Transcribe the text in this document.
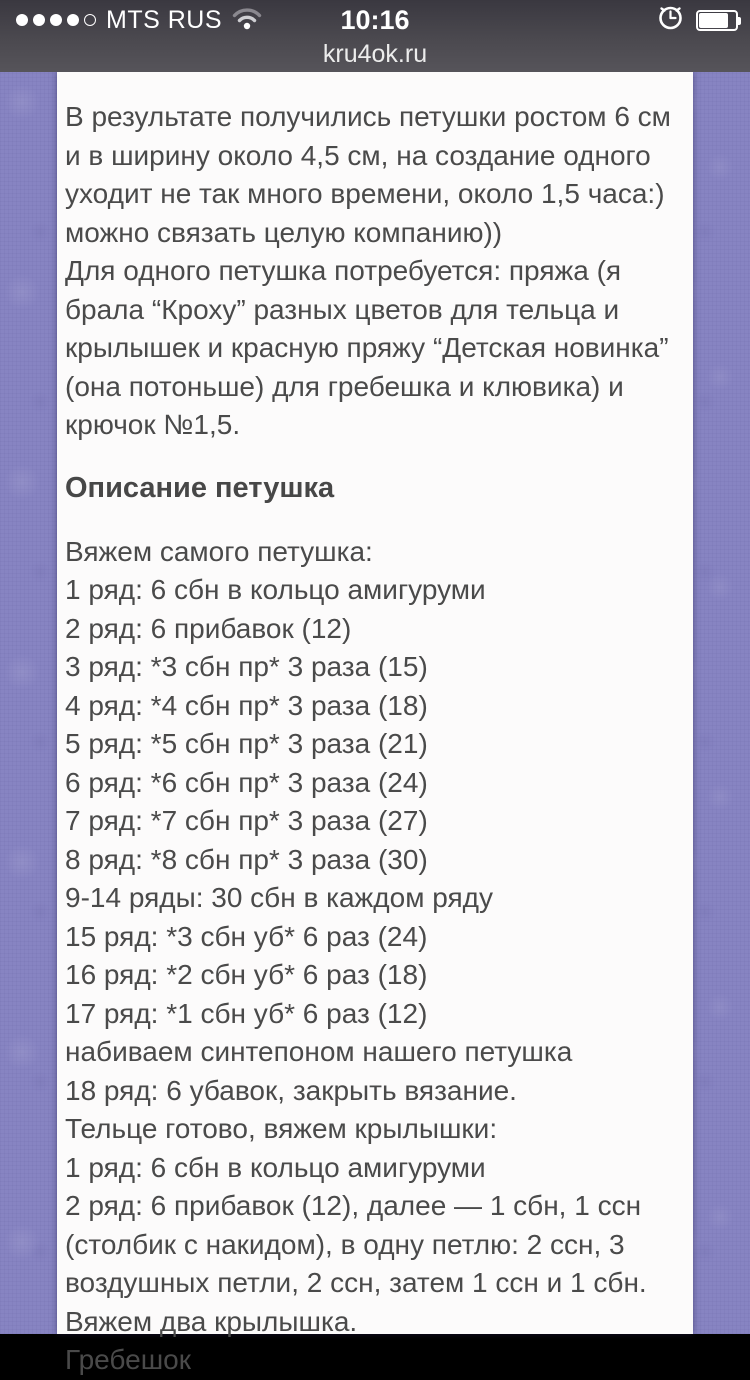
MTS RUS	10:16
kru4ok.ru

В результате получились петушки ростом 6 см и в ширину около 4,5 см, на создание одного уходит не так много времени, около 1,5 часа:) можно связать целую компанию))

Для одного петушка потребуется: пряжа (я брала “Кроху” разных цветов для тельца и крылышек и красную пряжу “Детская новинка” (она потоньше) для гребешка и клювика) и крючок №1,5.

Описание петушка
Вяжем самого петушка:
1 ряд: 6 сбн в кольцо амигуруми
2 ряд: 6 прибавок (12)
3 ряд: *3 сбн пр* 3 раза (15)
4 ряд: *4 сбн пр* 3 раза (18)
5 ряд: *5 сбн пр* 3 раза (21)
6 ряд: *6 сбн пр* 3 раза (24)
7 ряд: *7 сбн пр* 3 раза (27)
8 ряд: *8 сбн пр* 3 раза (30)
9-14 ряды: 30 сбн в каждом ряду
15 ряд: *3 сбн уб* 6 раз (24)
16 ряд: *2 сбн уб* 6 раз (18)
17 ряд: *1 сбн уб* 6 раз (12)
набиваем синтепоном нашего петушка
18 ряд: 6 убавок, закрыть вязание.
Тельце готово, вяжем крылышки:
1 ряд: 6 сбн в кольцо амигуруми
2 ряд: 6 прибавок (12), далее — 1 сбн, 1 ссн (столбик с накидом), в одну петлю: 2 ссн, 3 воздушных петли, 2 ссн, затем 1 ссн и 1 сбн.
Вяжем два крылышка.
Гребешок
